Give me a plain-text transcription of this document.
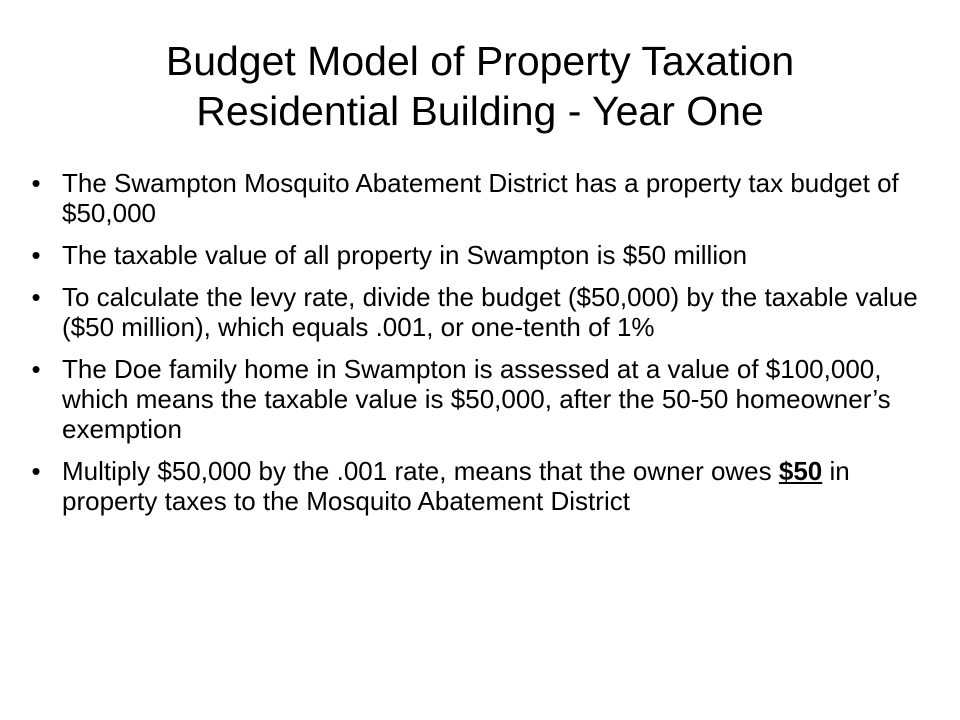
Budget Model of Property Taxation
Residential Building - Year One
• The Swampton Mosquito Abatement District has a property tax budget of $50,000
• The taxable value of all property in Swampton is $50 million
• To calculate the levy rate, divide the budget ($50,000) by the taxable value ($50 million), which equals .001, or one-tenth of 1%
• The Doe family home in Swampton is assessed at a value of $100,000, which means the taxable value is $50,000, after the 50-50 homeowner’s exemption
• Multiply $50,000 by the .001 rate, means that the owner owes $50 in property taxes to the Mosquito Abatement District
